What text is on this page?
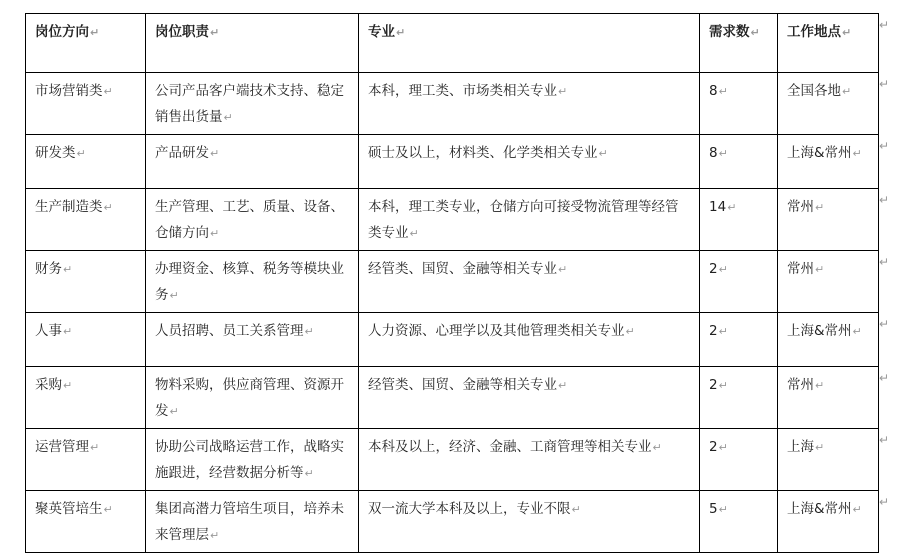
岗位方向↵	岗位职责↵	专业↵	需求数↵	工作地点↵
市场营销类↵	公司产品客户端技术支持、稳定销售出货量↵	本科，理工类、市场类相关专业↵	8↵	全国各地↵
研发类↵	产品研发↵	硕士及以上，材料类、化学类相关专业↵	8↵	上海&常州↵
生产制造类↵	生产管理、工艺、质量、设备、仓储方向↵	本科，理工类专业，仓储方向可接受物流管理等经管类专业↵	14↵	常州↵
财务↵	办理资金、核算、税务等模块业务↵	经管类、国贸、金融等相关专业↵	2↵	常州↵
人事↵	人员招聘、员工关系管理↵	人力资源、心理学以及其他管理类相关专业↵	2↵	上海&常州↵
采购↵	物料采购，供应商管理、资源开发↵	经管类、国贸、金融等相关专业↵	2↵	常州↵
运营管理↵	协助公司战略运营工作，战略实施跟进，经营数据分析等↵	本科及以上，经济、金融、工商管理等相关专业↵	2↵	上海↵
聚英管培生↵	集团高潜力管培生项目，培养未来管理层↵	双一流大学本科及以上，专业不限↵	5↵	上海&常州↵
↵
↵
↵
↵
↵
↵
↵
↵
↵
